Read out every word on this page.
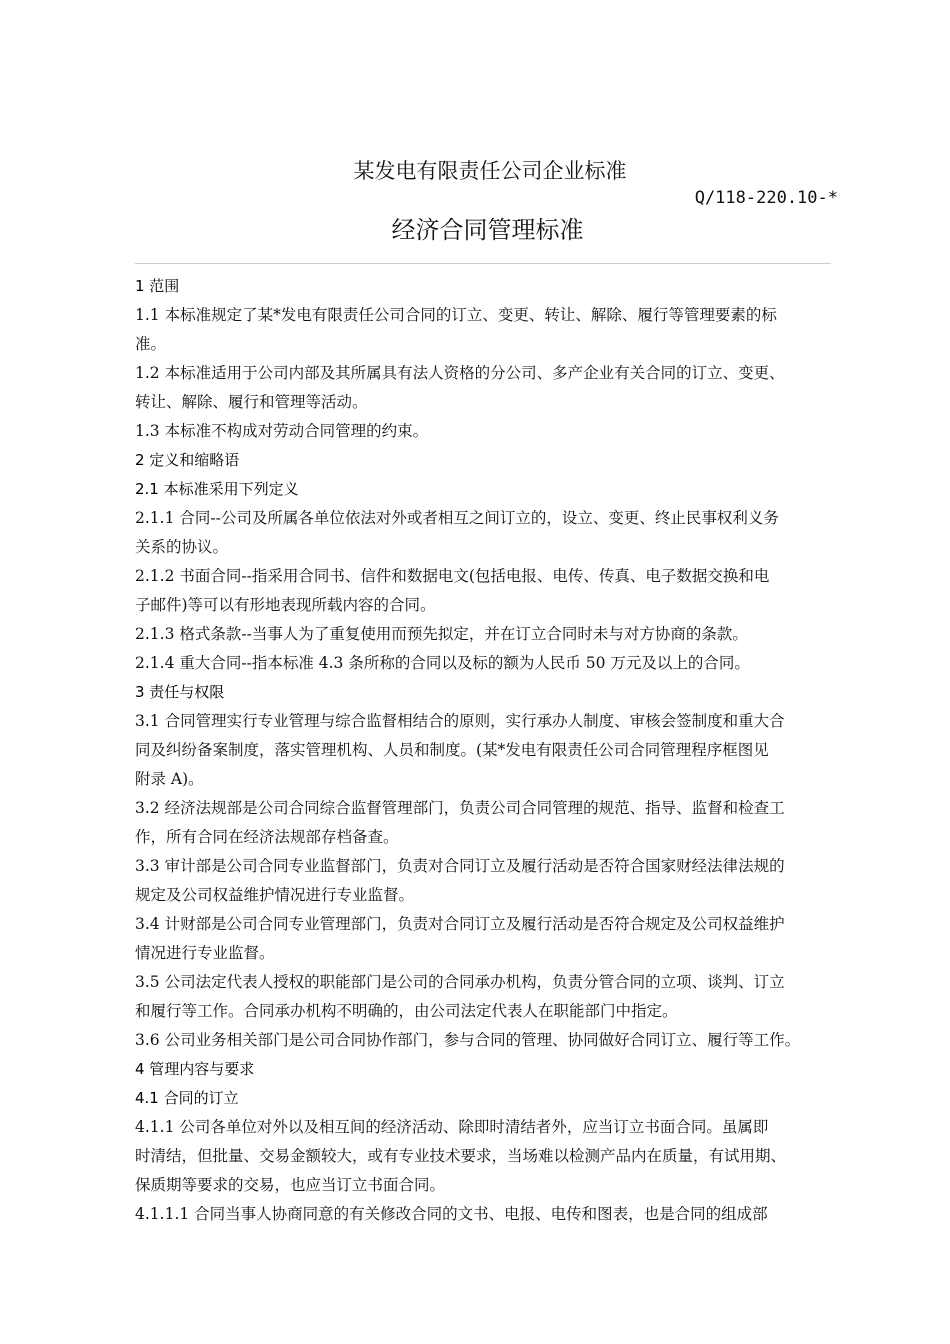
某发电有限责任公司企业标准
Q/118-220.10-*
经济合同管理标准
1 范围
1.1 本标准规定了某*发电有限责任公司合同的订立、变更、转让、解除、履行等管理要素的标
准。
1.2 本标准适用于公司内部及其所属具有法人资格的分公司、多产企业有关合同的订立、变更、
转让、解除、履行和管理等活动。
1.3 本标准不构成对劳动合同管理的约束。
2 定义和缩略语
2.1 本标准采用下列定义
2.1.1 合同--公司及所属各单位依法对外或者相互之间订立的，设立、变更、终止民事权利义务
关系的协议。
2.1.2 书面合同--指采用合同书、信件和数据电文(包括电报、电传、传真、电子数据交换和电
子邮件)等可以有形地表现所载内容的合同。
2.1.3 格式条款--当事人为了重复使用而预先拟定，并在订立合同时未与对方协商的条款。
2.1.4 重大合同--指本标准 4.3 条所称的合同以及标的额为人民币 50 万元及以上的合同。
3 责任与权限
3.1 合同管理实行专业管理与综合监督相结合的原则，实行承办人制度、审核会签制度和重大合
同及纠纷备案制度，落实管理机构、人员和制度。(某*发电有限责任公司合同管理程序框图见
附录 A)。
3.2 经济法规部是公司合同综合监督管理部门，负责公司合同管理的规范、指导、监督和检查工
作，所有合同在经济法规部存档备查。
3.3 审计部是公司合同专业监督部门，负责对合同订立及履行活动是否符合国家财经法律法规的
规定及公司权益维护情况进行专业监督。
3.4 计财部是公司合同专业管理部门，负责对合同订立及履行活动是否符合规定及公司权益维护
情况进行专业监督。
3.5 公司法定代表人授权的职能部门是公司的合同承办机构，负责分管合同的立项、谈判、订立
和履行等工作。合同承办机构不明确的，由公司法定代表人在职能部门中指定。
3.6 公司业务相关部门是公司合同协作部门，参与合同的管理、协同做好合同订立、履行等工作。
4 管理内容与要求
4.1 合同的订立
4.1.1 公司各单位对外以及相互间的经济活动、除即时清结者外，应当订立书面合同。虽属即
时清结，但批量、交易金额较大，或有专业技术要求，当场难以检测产品内在质量，有试用期、
保质期等要求的交易，也应当订立书面合同。
4.1.1.1 合同当事人协商同意的有关修改合同的文书、电报、电传和图表，也是合同的组成部
